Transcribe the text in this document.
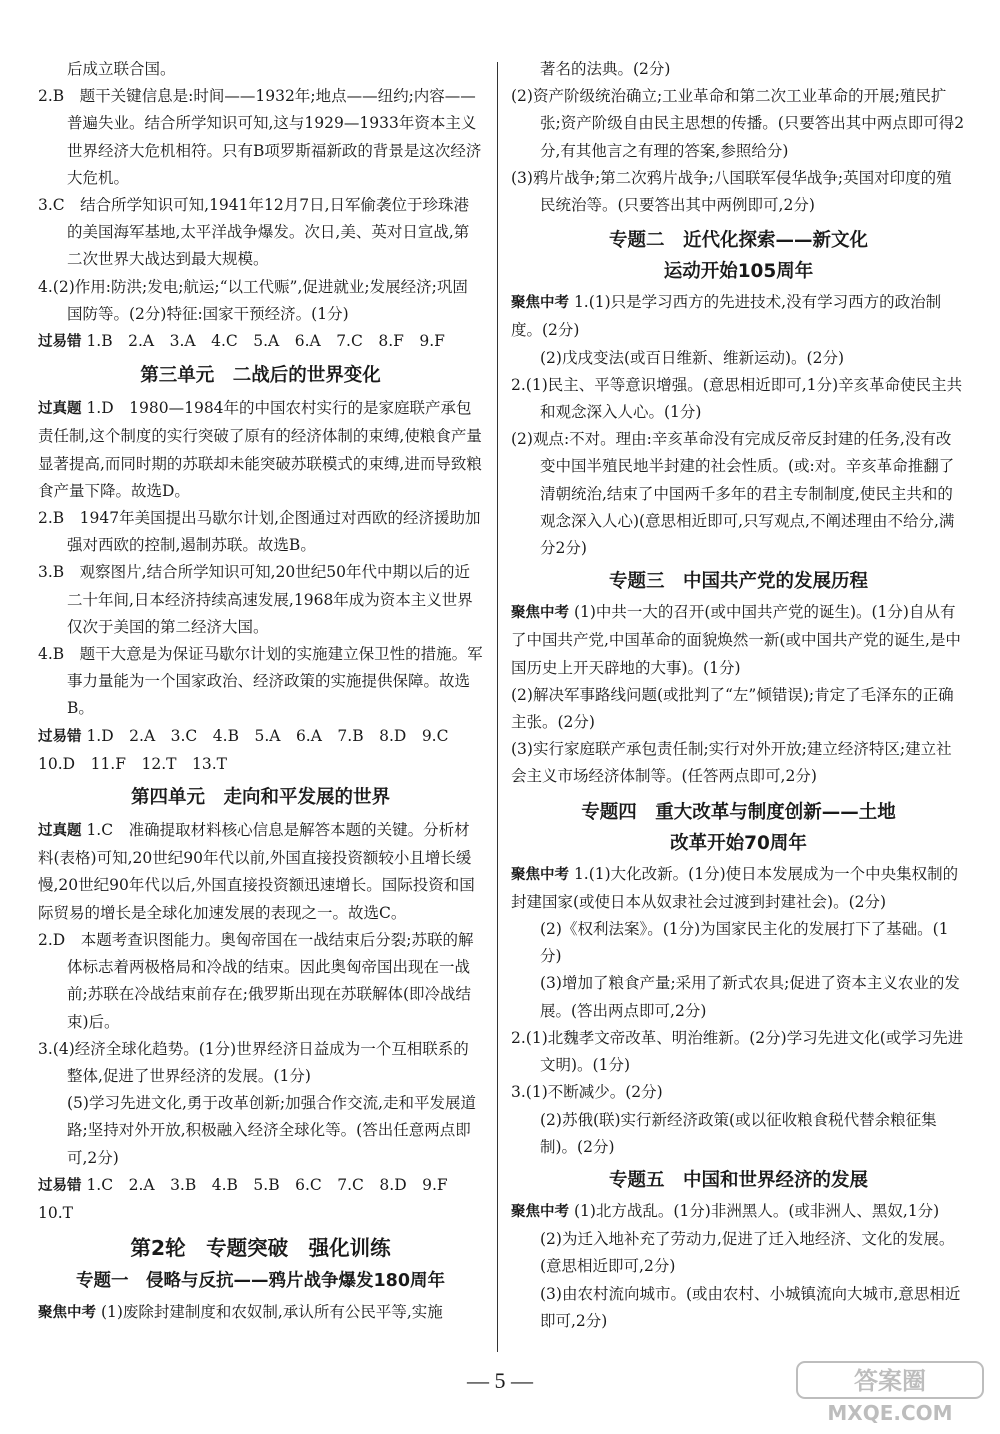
后成立联合国。

2.B　题干关键信息是:时间——1932年;地点——纽约;内容——普遍失业。结合所学知识可知,这与1929—1933年资本主义世界经济大危机相符。只有B项罗斯福新政的背景是这次经济大危机。

3.C　结合所学知识可知,1941年12月7日,日军偷袭位于珍珠港的美国海军基地,太平洋战争爆发。次日,美、英对日宣战,第二次世界大战达到最大规模。

4.(2)作用:防洪;发电;航运;“以工代赈”,促进就业;发展经济;巩固国防等。(2分)特征:国家干预经济。(1分)

过易错 1.B　2.A　3.A　4.C　5.A　6.A　7.C　8.F　9.F

第三单元　二战后的世界变化

过真题 1.D　1980—1984年的中国农村实行的是家庭联产承包责任制,这个制度的实行突破了原有的经济体制的束缚,使粮食产量显著提高,而同时期的苏联却未能突破苏联模式的束缚,进而导致粮食产量下降。故选D。

2.B　1947年美国提出马歇尔计划,企图通过对西欧的经济援助加强对西欧的控制,遏制苏联。故选B。

3.B　观察图片,结合所学知识可知,20世纪50年代中期以后的近二十年间,日本经济持续高速发展,1968年成为资本主义世界仅次于美国的第二经济大国。

4.B　题干大意是为保证马歇尔计划的实施建立保卫性的措施。军事力量能为一个国家政治、经济政策的实施提供保障。故选B。

过易错 1.D　2.A　3.C　4.B　5.A　6.A　7.B　8.D　9.C

10.D　11.F　12.T　13.T

第四单元　走向和平发展的世界

过真题 1.C　准确提取材料核心信息是解答本题的关键。分析材料(表格)可知,20世纪90年代以前,外国直接投资额较小且增长缓慢,20世纪90年代以后,外国直接投资额迅速增长。国际投资和国际贸易的增长是全球化加速发展的表现之一。故选C。

2.D　本题考查识图能力。奥匈帝国在一战结束后分裂;苏联的解体标志着两极格局和冷战的结束。因此奥匈帝国出现在一战前;苏联在冷战结束前存在;俄罗斯出现在苏联解体(即冷战结束)后。

3.(4)经济全球化趋势。(1分)世界经济日益成为一个互相联系的整体,促进了世界经济的发展。(1分)

(5)学习先进文化,勇于改革创新;加强合作交流,走和平发展道路;坚持对外开放,积极融入经济全球化等。(答出任意两点即可,2分)

过易错 1.C　2.A　3.B　4.B　5.B　6.C　7.C　8.D　9.F

10.T

第2轮　专题突破　强化训练

专题一　侵略与反抗——鸦片战争爆发180周年

聚焦中考 (1)废除封建制度和农奴制,承认所有公民平等,实施

著名的法典。(2分)

(2)资产阶级统治确立;工业革命和第二次工业革命的开展;殖民扩张;资产阶级自由民主思想的传播。(只要答出其中两点即可得2分,有其他言之有理的答案,参照给分)

(3)鸦片战争;第二次鸦片战争;八国联军侵华战争;英国对印度的殖民统治等。(只要答出其中两例即可,2分)

专题二　近代化探索——新文化

运动开始105周年

聚焦中考 1.(1)只是学习西方的先进技术,没有学习西方的政治制度。(2分)

(2)戊戌变法(或百日维新、维新运动)。(2分)

2.(1)民主、平等意识增强。(意思相近即可,1分)辛亥革命使民主共和观念深入人心。(1分)

(2)观点:不对。理由:辛亥革命没有完成反帝反封建的任务,没有改变中国半殖民地半封建的社会性质。(或:对。辛亥革命推翻了清朝统治,结束了中国两千多年的君主专制制度,使民主共和的观念深入人心)(意思相近即可,只写观点,不阐述理由不给分,满分2分)

专题三　中国共产党的发展历程

聚焦中考 (1)中共一大的召开(或中国共产党的诞生)。(1分)自从有了中国共产党,中国革命的面貌焕然一新(或中国共产党的诞生,是中国历史上开天辟地的大事)。(1分)

(2)解决军事路线问题(或批判了“左”倾错误);肯定了毛泽东的正确主张。(2分)

(3)实行家庭联产承包责任制;实行对外开放;建立经济特区;建立社会主义市场经济体制等。(任答两点即可,2分)

专题四　重大改革与制度创新——土地

改革开始70周年

聚焦中考 1.(1)大化改新。(1分)使日本发展成为一个中央集权制的封建国家(或使日本从奴隶社会过渡到封建社会)。(2分)

(2)《权利法案》。(1分)为国家民主化的发展打下了基础。(1分)

(3)增加了粮食产量;采用了新式农具;促进了资本主义农业的发展。(答出两点即可,2分)

2.(1)北魏孝文帝改革、明治维新。(2分)学习先进文化(或学习先进文明)。(1分)

3.(1)不断减少。(2分)

(2)苏俄(联)实行新经济政策(或以征收粮食税代替余粮征集制)。(2分)

专题五　中国和世界经济的发展

聚焦中考 (1)北方战乱。(1分)非洲黑人。(或非洲人、黑奴,1分)

(2)为迁入地补充了劳动力,促进了迁入地经济、文化的发展。(意思相近即可,2分)

(3)由农村流向城市。(或由农村、小城镇流向大城市,意思相近即可,2分)

— 5 —	答案圈
MXQE.COM
